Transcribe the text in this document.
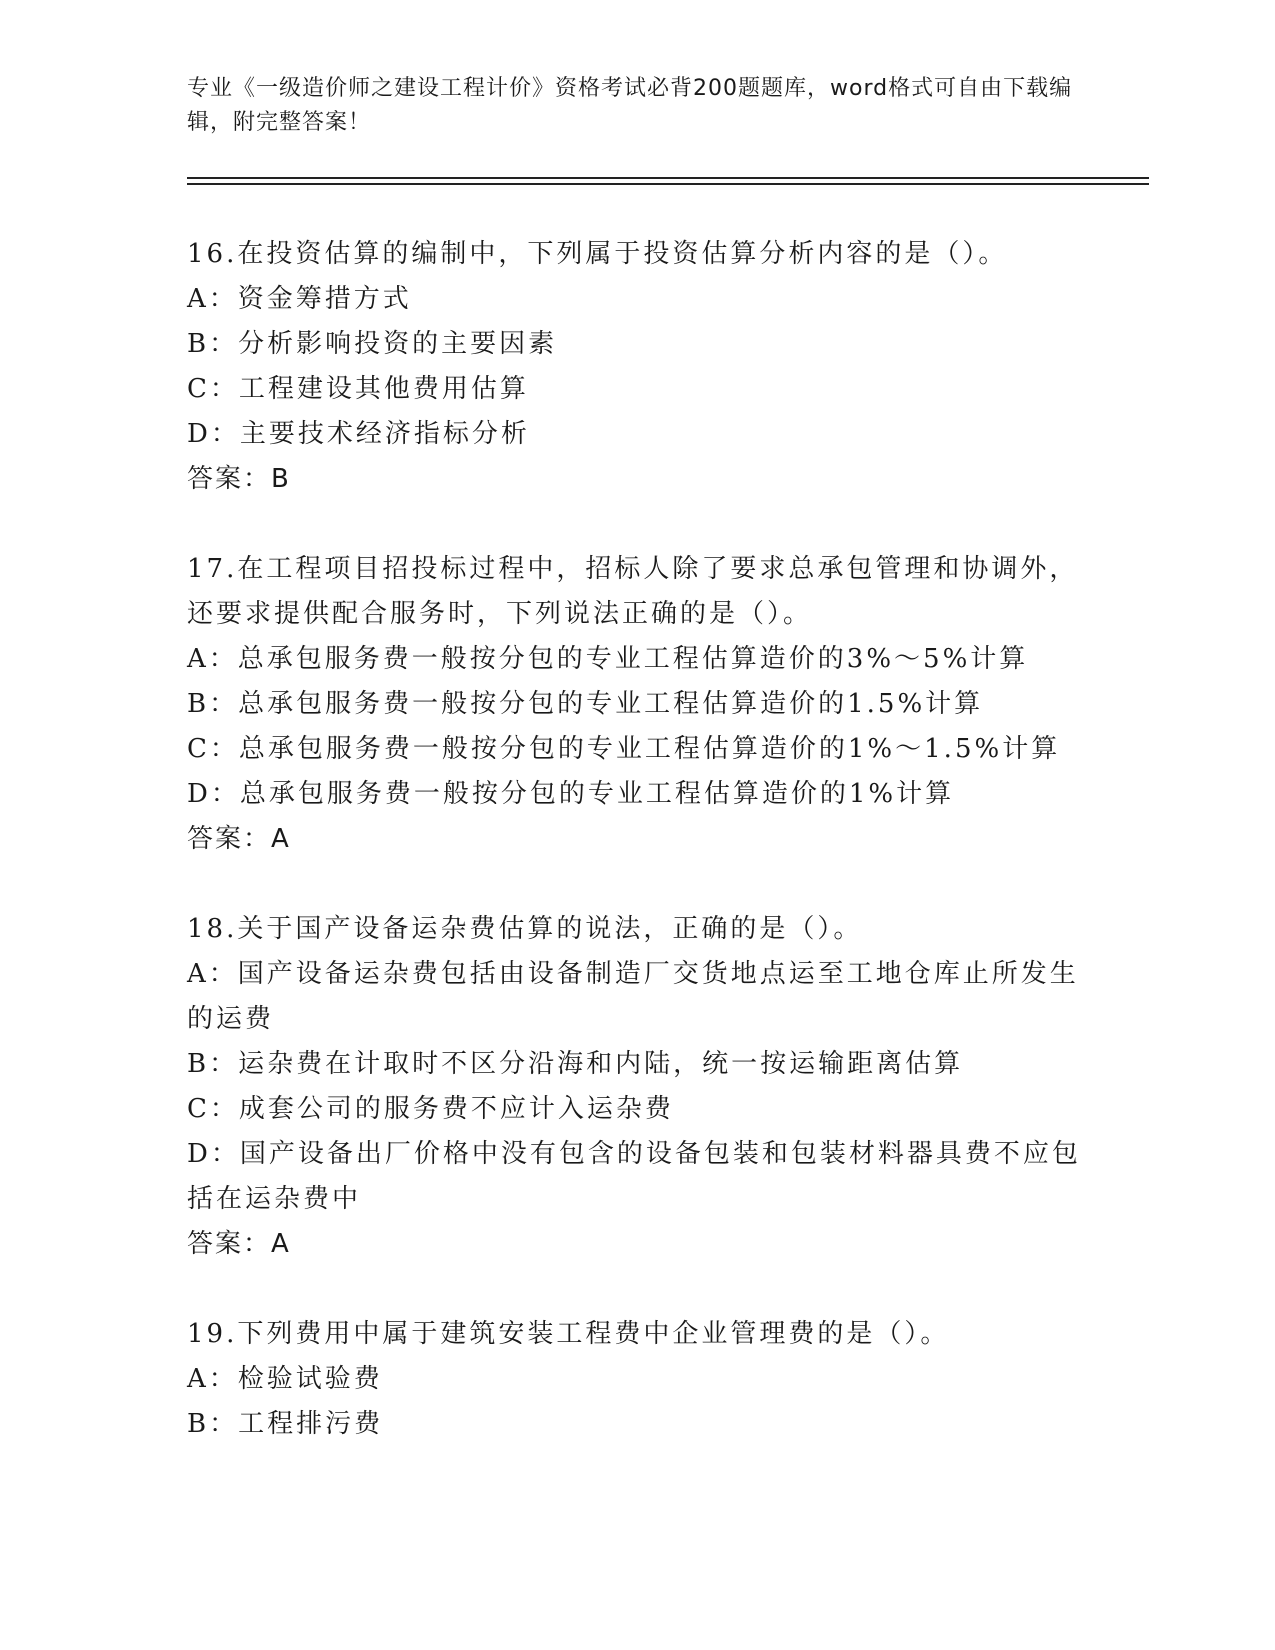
专业《一级造价师之建设工程计价》资格考试必背200题题库，word格式可自由下载编辑，附完整答案！
16.在投资估算的编制中，下列属于投资估算分析内容的是（）。
A：资金筹措方式
B：分析影响投资的主要因素
C：工程建设其他费用估算
D：主要技术经济指标分析
答案：B
17.在工程项目招投标过程中，招标人除了要求总承包管理和协调外，
还要求提供配合服务时，下列说法正确的是（）。
A：总承包服务费一般按分包的专业工程估算造价的3%～5%计算
B：总承包服务费一般按分包的专业工程估算造价的1.5%计算
C：总承包服务费一般按分包的专业工程估算造价的1%～1.5%计算
D：总承包服务费一般按分包的专业工程估算造价的1%计算
答案：A
18.关于国产设备运杂费估算的说法，正确的是（）。
A：国产设备运杂费包括由设备制造厂交货地点运至工地仓库止所发生
的运费
B：运杂费在计取时不区分沿海和内陆，统一按运输距离估算
C：成套公司的服务费不应计入运杂费
D：国产设备出厂价格中没有包含的设备包装和包装材料器具费不应包
括在运杂费中
答案：A
19.下列费用中属于建筑安装工程费中企业管理费的是（）。
A：检验试验费
B：工程排污费
